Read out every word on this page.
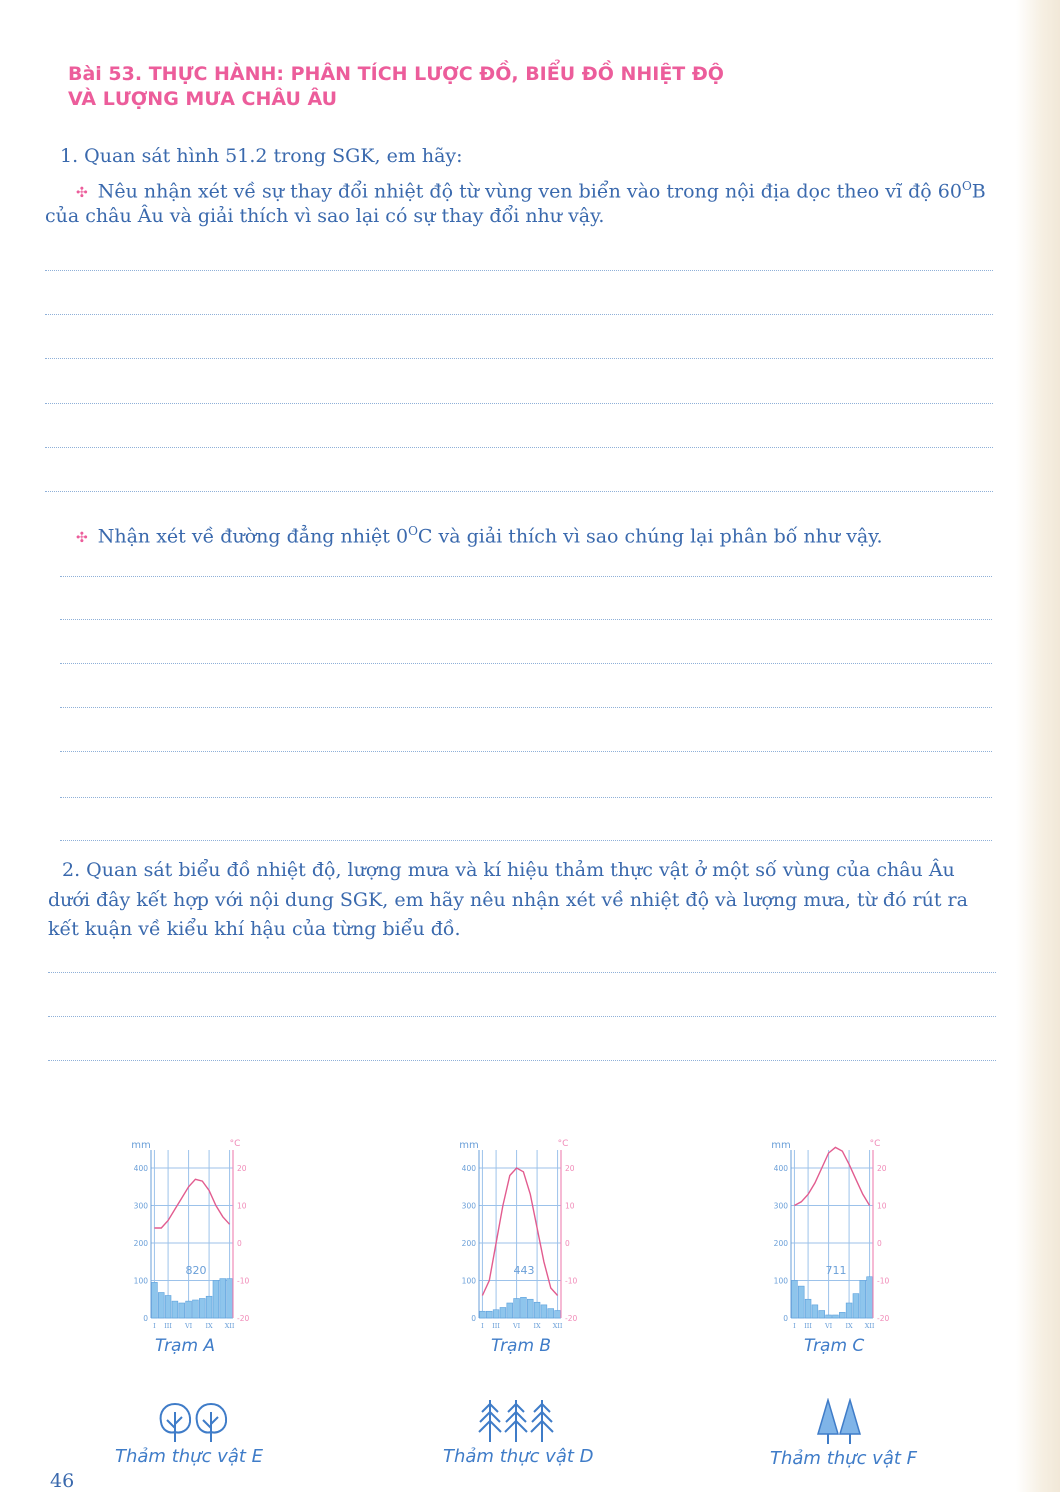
Bài 53. THỰC HÀNH: PHÂN TÍCH LƯỢC ĐỒ, BIỂU ĐỒ NHIỆT ĐỘ
VÀ LƯỢNG MƯA CHÂU ÂU
1. Quan sát hình 51.2 trong SGK, em hãy:
✣ Nêu nhận xét về sự thay đổi nhiệt độ từ vùng ven biển vào trong nội địa dọc theo vĩ độ $60^OB$
của châu Âu và giải thích vì sao lại có sự thay đổi như vậy.
✣ Nhận xét về đường đẳng nhiệt $0^OC$ và giải thích vì sao chúng lại phân bố như vậy.
2. Quan sát biểu đồ nhiệt độ, lượng mưa và kí hiệu thảm thực vật ở một số vùng của châu Âu
dưới đây kết hợp với nội dung SGK, em hãy nêu nhận xét về nhiệt độ và lượng mưa, từ đó rút ra
kết kuận về kiểu khí hậu của từng biểu đồ.
mm	°C
0
100
200
300
400
-20
-10
0
10
20
I III VI IX XII
820
mm	°C
0
100
200
300
400
-20
-10
0
10
20
I III VI IX XII
443
mm	°C
0
100
200
300
400
-20
-10
0
10
20
I III VI IX XII
711
Trạm A	Trạm B	Trạm C
Thảm thực vật E	Thảm thực vật D	Thảm thực vật F
46
